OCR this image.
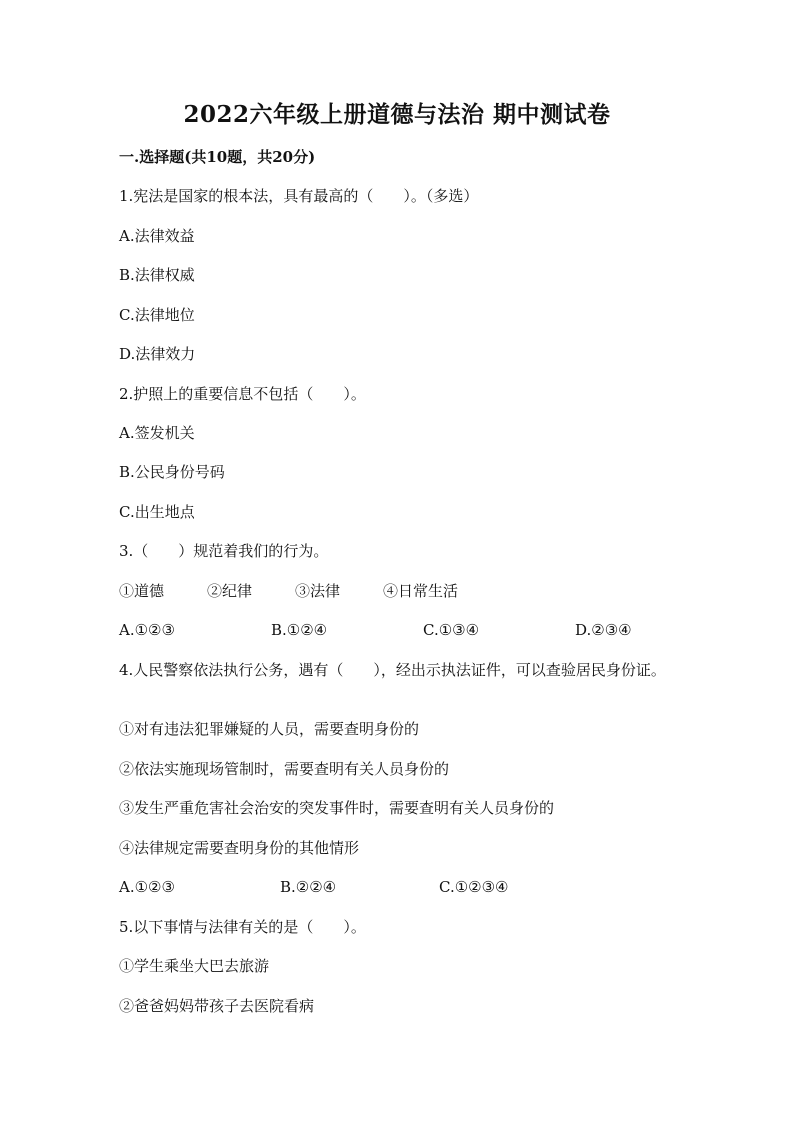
2022六年级上册道德与法治 期中测试卷
一.选择题(共10题，共20分)
1.宪法是国家的根本法，具有最高的（　　）。（多选）
A.法律效益
B.法律权威
C.法律地位
D.法律效力
2.护照上的重要信息不包括（　　）。
A.签发机关
B.公民身份号码
C.出生地点
3.（　　）规范着我们的行为。
①道德	②纪律	③法律	④日常生活
A.①②③	B.①②④	C.①③④	D.②③④
4.人民警察依法执行公务，遇有（　　），经出示执法证件，可以查验居民身份证。
①对有违法犯罪嫌疑的人员，需要查明身份的
②依法实施现场管制时，需要查明有关人员身份的
③发生严重危害社会治安的突发事件时，需要查明有关人员身份的
④法律规定需要查明身份的其他情形
A.①②③	B.②②④	C.①②③④
5.以下事情与法律有关的是（　　）。
①学生乘坐大巴去旅游
②爸爸妈妈带孩子去医院看病
